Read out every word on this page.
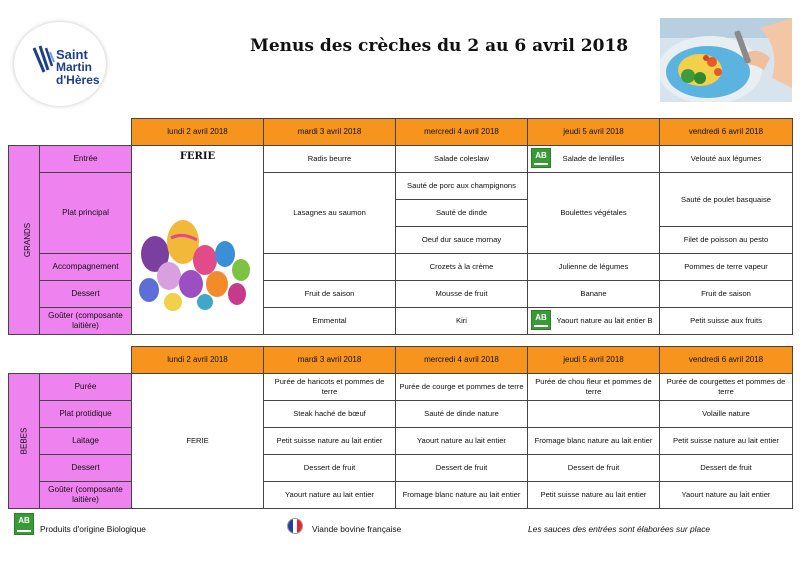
Saint
Martin
d'Hères
Menus des crèches du 2 au 6 avril 2018
		lundi 2 avril 2018	mardi 3 avril 2018	mercredi 4 avril 2018	jeudi 5 avril 2018	vendredi 6 avril 2018
GRANDS	Entrée	FERIE	Radis beurre	Salade coleslaw	AB Salade de lentilles	Velouté aux légumes
	Plat principal		Lasagnes au saumon	Sauté de porc aux champignons	Boulettes végétales	Sauté de poulet basquaise
				Sauté de dinde		
				Oeuf dur sauce mornay		Filet de poisson au pesto
	Accompagnement			Crozets à la crème	Julienne de légumes	Pommes de terre vapeur
	Dessert		Fruit de saison	Mousse de fruit	Banane	Fruit de saison
	Goûter (composante laitière)		Emmental	Kiri	AB Yaourt nature au lait entier B	Petit suisse aux fruits
		lundi 2 avril 2018	mardi 3 avril 2018	mercredi 4 avril 2018	jeudi 5 avril 2018	vendredi 6 avril 2018
BEBES	Purée	FERIE	Purée de haricots et pommes de terre	Purée de courge et pommes de terre	Purée de chou fleur et pommes de terre	Purée de courgettes et pommes de terre
	Plat protidique		Steak haché de bœuf	Sauté de dinde nature		Volaille nature
	Laitage		Petit suisse nature au lait entier	Yaourt nature au lait entier	Fromage blanc nature au lait entier	Petit suisse nature au lait entier
	Dessert		Dessert de fruit	Dessert de fruit	Dessert de fruit	Dessert de fruit
	Goûter (composante laitière)		Yaourt nature au lait entier	Fromage blanc nature au lait entier	Petit suisse nature au lait entier	Yaourt nature au lait entier
AB
Produits d'origine Biologique	Viande bovine française	Les sauces des entrées sont élaborées sur place
